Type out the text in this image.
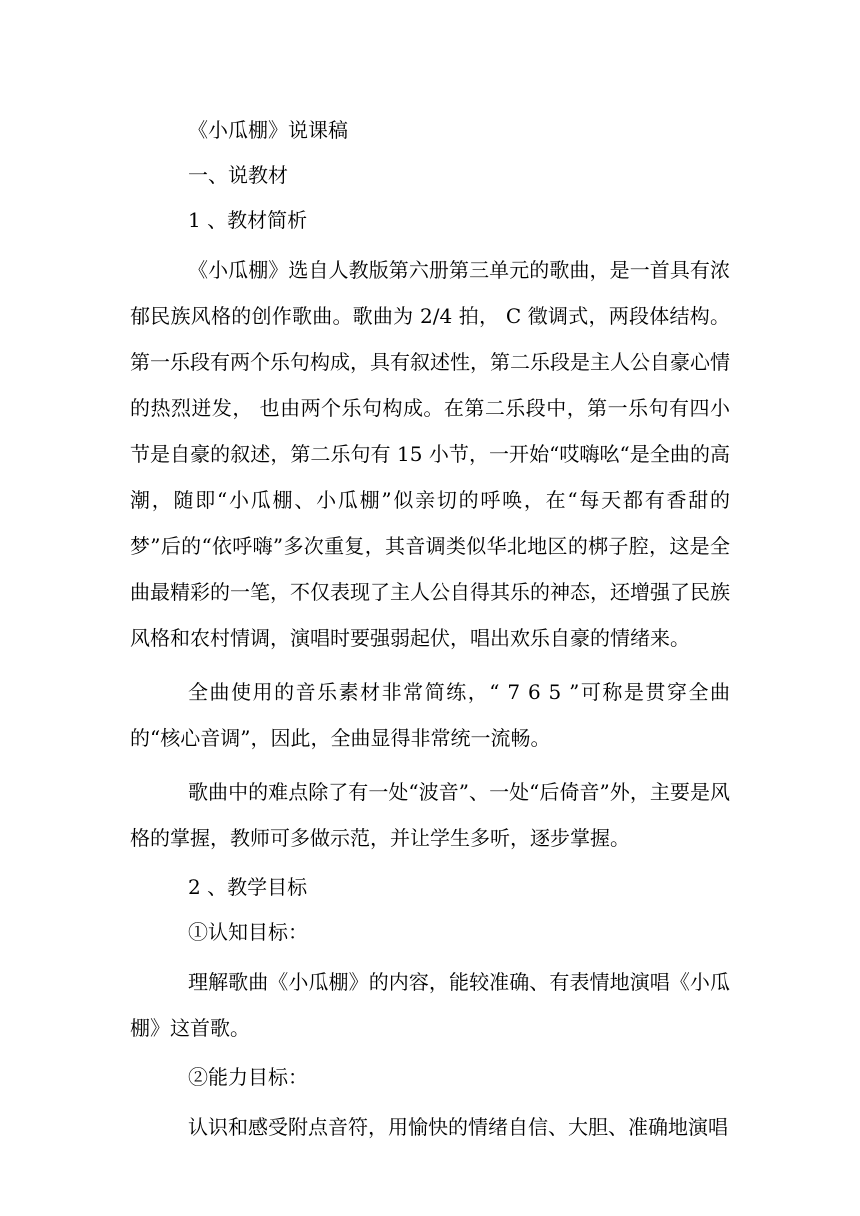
《小瓜棚》说课稿

一、说教材

1 、教材简析

《小瓜棚》选自人教版第六册第三单元的歌曲，是一首具有浓郁民族风格的创作歌曲。歌曲为 2/4 拍， C 徵调式，两段体结构。第一乐段有两个乐句构成，具有叙述性，第二乐段是主人公自豪心情的热烈迸发， 也由两个乐句构成。在第二乐段中，第一乐句有四小节是自豪的叙述，第二乐句有 15 小节，一开始“哎嗨吆“是全曲的高潮，随即“小瓜棚、小瓜棚”似亲切的呼唤，在“每天都有香甜的梦”后的“依呼嗨”多次重复，其音调类似华北地区的梆子腔，这是全曲最精彩的一笔，不仅表现了主人公自得其乐的神态，还增强了民族风格和农村情调，演唱时要强弱起伏，唱出欢乐自豪的情绪来。

全曲使用的音乐素材非常简练，“ 7 6 5 ”可称是贯穿全曲的“核心音调”，因此，全曲显得非常统一流畅。

歌曲中的难点除了有一处“波音”、一处“后倚音”外，主要是风格的掌握，教师可多做示范，并让学生多听，逐步掌握。

2 、教学目标

①认知目标：

理解歌曲《小瓜棚》的内容，能较准确、有表情地演唱《小瓜棚》这首歌。

②能力目标：

认识和感受附点音符，用愉快的情绪自信、大胆、准确地演唱
